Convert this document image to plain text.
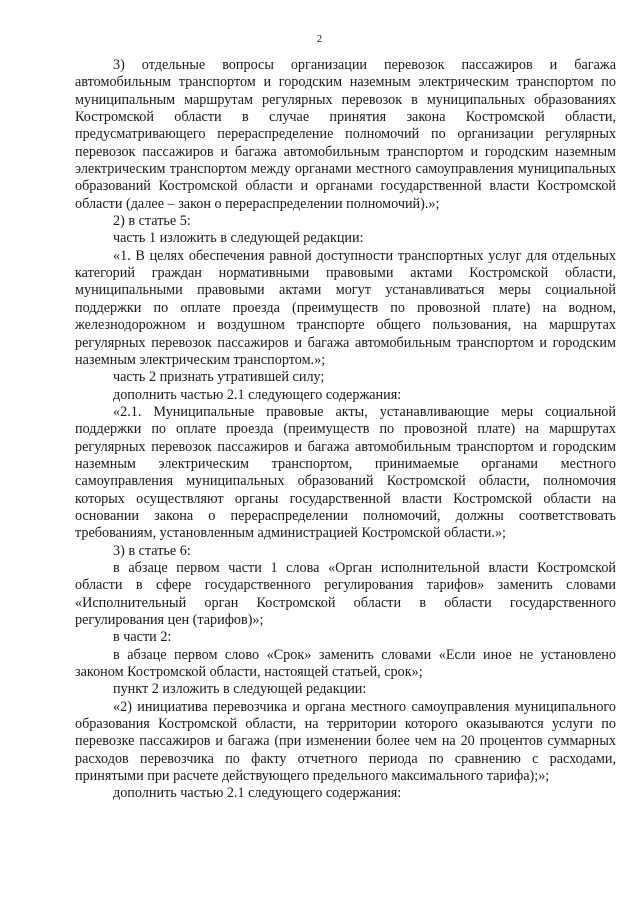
2

3) отдельные вопросы организации перевозок пассажиров и багажа автомобильным транспортом и городским наземным электрическим транспортом по муниципальным маршрутам регулярных перевозок в муниципальных образованиях Костромской области в случае принятия закона Костромской области, предусматривающего перераспределение полномочий по организации регулярных перевозок пассажиров и багажа автомобильным транспортом и городским наземным электрическим транспортом между органами местного самоуправления муниципальных образований Костромской области и органами государственной власти Костромской области (далее – закон о перераспределении полномочий).»;

2) в статье 5:

часть 1 изложить в следующей редакции:

«1. В целях обеспечения равной доступности транспортных услуг для отдельных категорий граждан нормативными правовыми актами Костромской области, муниципальными правовыми актами могут устанавливаться меры социальной поддержки по оплате проезда (преимуществ по провозной плате) на водном, железнодорожном и воздушном транспорте общего пользования, на маршрутах регулярных перевозок пассажиров и багажа автомобильным транспортом и городским наземным электрическим транспортом.»;

часть 2 признать утратившей силу;

дополнить частью 2.1 следующего содержания:

«2.1. Муниципальные правовые акты, устанавливающие меры социальной поддержки по оплате проезда (преимуществ по провозной плате) на маршрутах регулярных перевозок пассажиров и багажа автомобильным транспортом и городским наземным электрическим транспортом, принимаемые органами местного самоуправления муниципальных образований Костромской области, полномочия которых осуществляют органы государственной власти Костромской области на основании закона о перераспределении полномочий, должны соответствовать требованиям, установленным администрацией Костромской области.»;

3) в статье 6:

в абзаце первом части 1 слова «Орган исполнительной власти Костромской области в сфере государственного регулирования тарифов» заменить словами «Исполнительный орган Костромской области в области государственного регулирования цен (тарифов)»;

в части 2:

в абзаце первом слово «Срок» заменить словами «Если иное не установлено законом Костромской области, настоящей статьей, срок»;

пункт 2 изложить в следующей редакции:

«2) инициатива перевозчика и органа местного самоуправления муниципального образования Костромской области, на территории которого оказываются услуги по перевозке пассажиров и багажа (при изменении более чем на 20 процентов суммарных расходов перевозчика по факту отчетного периода по сравнению с расходами, принятыми при расчете действующего предельного максимального тарифа);»;

дополнить частью 2.1 следующего содержания:
